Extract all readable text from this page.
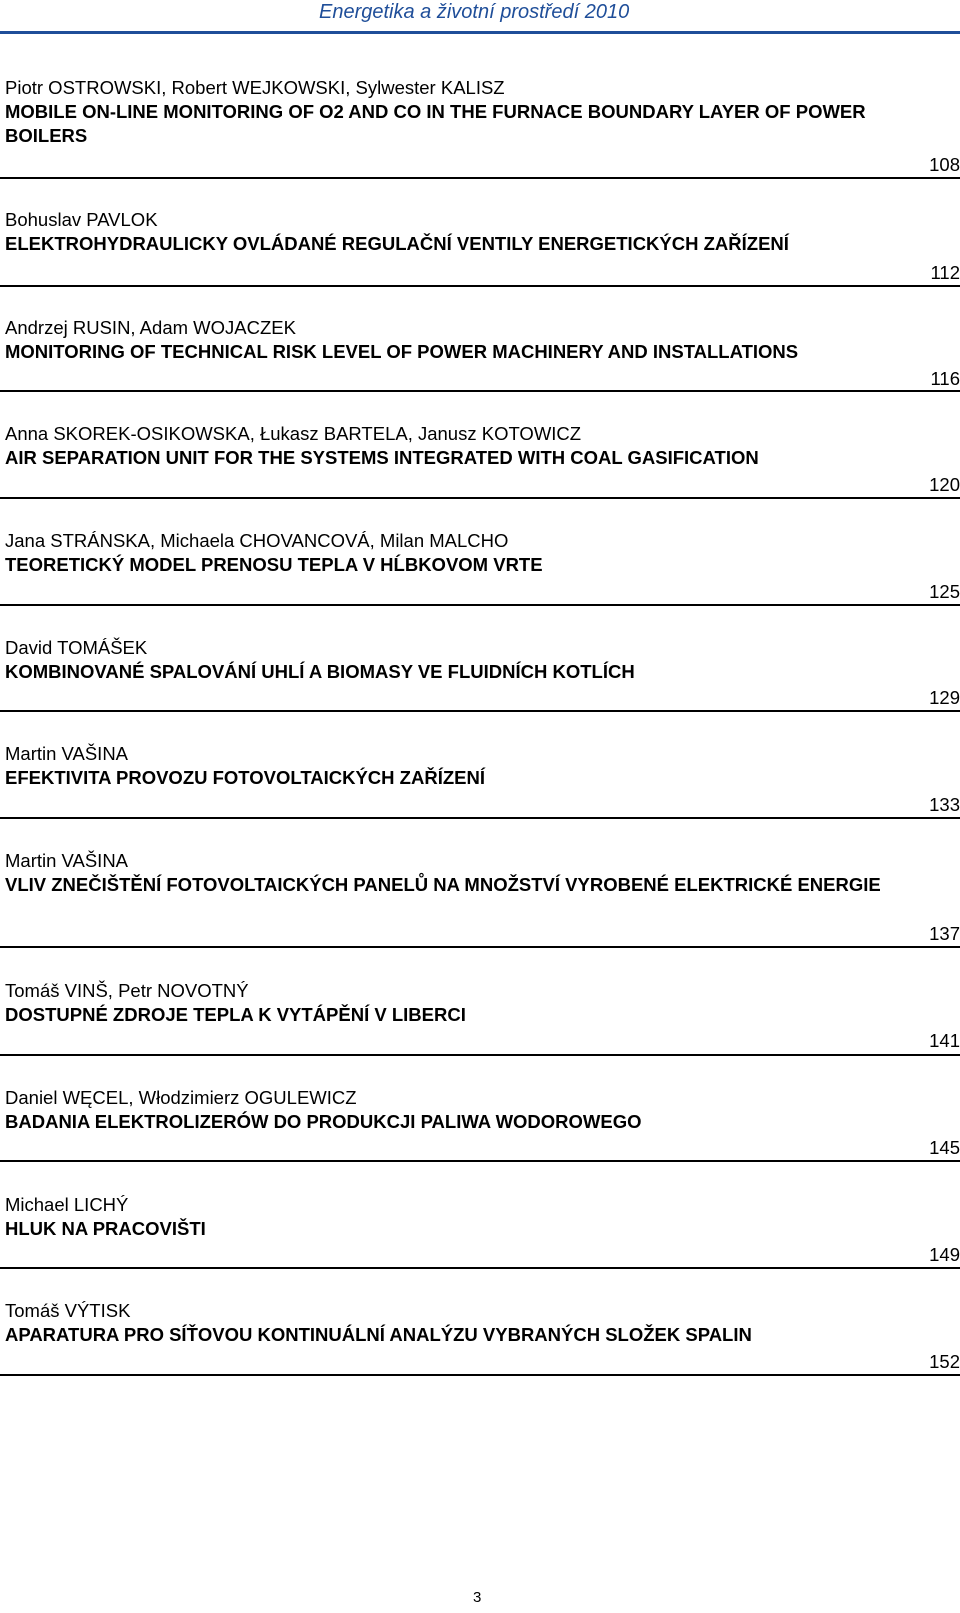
Energetika a životní prostředí 2010
Piotr OSTROWSKI, Robert WEJKOWSKI, Sylwester KALISZ
MOBILE ON-LINE MONITORING OF O2 AND CO IN THE FURNACE BOUNDARY LAYER OF POWER BOILERS
108
Bohuslav PAVLOK
ELEKTROHYDRAULICKY OVLÁDANÉ REGULAČNÍ VENTILY ENERGETICKÝCH ZAŘÍZENÍ
112
Andrzej RUSIN, Adam WOJACZEK
MONITORING OF TECHNICAL RISK LEVEL OF POWER MACHINERY AND INSTALLATIONS
116
Anna SKOREK-OSIKOWSKA, Łukasz BARTELA, Janusz KOTOWICZ
AIR SEPARATION UNIT FOR THE SYSTEMS INTEGRATED WITH COAL GASIFICATION
120
Jana STRÁNSKA, Michaela CHOVANCOVÁ, Milan MALCHO
TEORETICKÝ MODEL PRENOSU TEPLA V HĹBKOVOM VRTE
125
David TOMÁŠEK
KOMBINOVANÉ SPALOVÁNÍ UHLÍ A BIOMASY VE FLUIDNÍCH KOTLÍCH
129
Martin VAŠINA
EFEKTIVITA PROVOZU FOTOVOLTAICKÝCH ZAŘÍZENÍ
133
Martin VAŠINA
VLIV ZNEČIŠTĚNÍ FOTOVOLTAICKÝCH PANELŮ NA MNOŽSTVÍ VYROBENÉ ELEKTRICKÉ ENERGIE
137
Tomáš VINŠ, Petr NOVOTNÝ
DOSTUPNÉ ZDROJE TEPLA K VYTÁPĚNÍ V LIBERCI
141
Daniel WĘCEL, Włodzimierz OGULEWICZ
BADANIA ELEKTROLIZERÓW DO PRODUKCJI PALIWA WODOROWEGO
145
Michael LICHÝ
HLUK NA PRACOVIŠTI
149
Tomáš VÝTISK
APARATURA PRO SÍŤOVOU KONTINUÁLNÍ ANALÝZU VYBRANÝCH SLOŽEK SPALIN
152
3
